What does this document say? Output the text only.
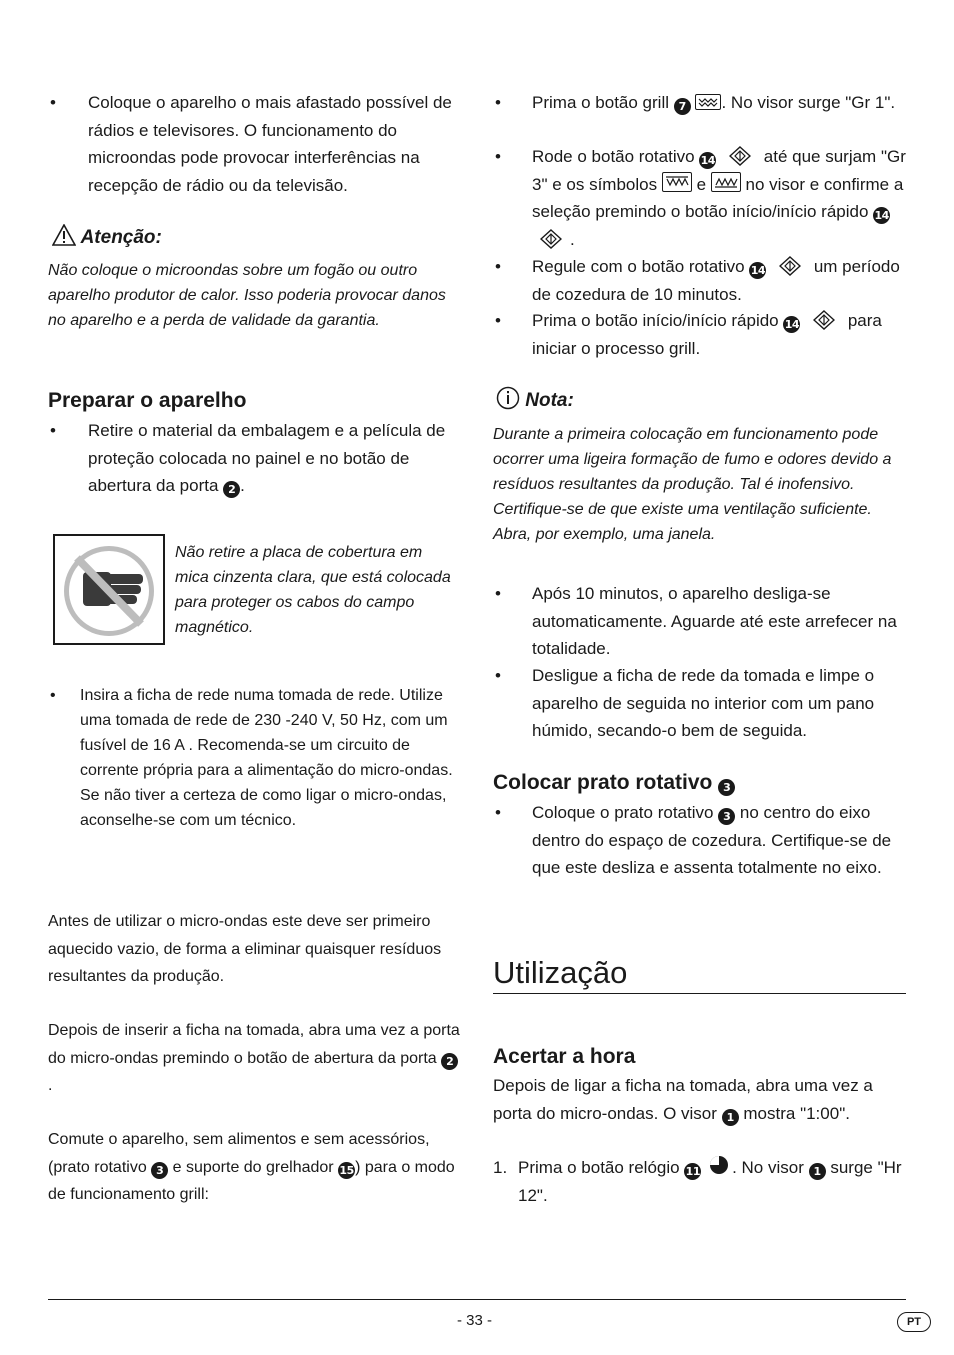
• Coloque o aparelho o mais afastado possível de rádios e televisores. O funcionamento do microondas pode provocar interferências na recepção de rádio ou da televisão.
Atenção:
Não coloque o microondas sobre um fogão ou outro aparelho produtor de calor. Isso poderia provocar danos no aparelho e a perda de validade da garantia.
Preparar o aparelho
• Retire o material da embalagem e a película de proteção colocada no painel e no botão de abertura da porta 2 .
Não retire a placa de cobertura em mica cinzenta clara, que está colocada para proteger os cabos do campo magnético.
• Insira a ficha de rede numa tomada de rede. Utilize uma tomada de rede de 230 -240 V, 50 Hz, com um fusível de 16 A . Recomenda-se um circuito de corrente própria para a alimentação do micro-ondas. Se não tiver a certeza de como ligar o micro-ondas, aconselhe-se com um técnico.
Antes de utilizar o micro-ondas este deve ser primeiro aquecido vazio, de forma a eliminar quaisquer resíduos resultantes da produção.
Depois de inserir a ficha na tomada, abra uma vez a porta do micro-ondas premindo o botão de abertura da porta 2.
Comute o aparelho, sem alimentos e sem acessórios, (prato rotativo 3 e suporte do grelhador 15) para o modo de funcionamento grill:
• Prima o botão grill 7 . No visor surge "Gr 1".
• Rode o botão rotativo 14	até que surjam "Gr 3" e os símbolos e no visor e confirme a seleção premindo o botão início/início rápido 14 .
• Regule com o botão rotativo 14	um período de cozedura de 10 minutos.
• Prima o botão início/início rápido 14	para iniciar o processo grill.
Nota:
Durante a primeira colocação em funcionamento pode ocorrer uma ligeira formação de fumo e odores devido a resíduos resultantes da produção. Tal é inofensivo. Certifique-se de que existe uma ventilação suficiente. Abra, por exemplo, uma janela.
• Após 10 minutos, o aparelho desliga-se automaticamente. Aguarde até este arrefecer na totalidade.
• Desligue a ficha de rede da tomada e limpe o aparelho de seguida no interior com um pano húmido, secando-o bem de seguida.
Colocar prato rotativo 3
• Coloque o prato rotativo 3 no centro do eixo dentro do espaço de cozedura. Certifique-se de que este desliza e assenta totalmente no eixo.
Utilização
Acertar a hora
Depois de ligar a ficha na tomada, abra uma vez a porta do micro-ondas. O visor 1 mostra "1:00".
1. Prima o botão relógio 11 . No visor 1 surge "Hr 12".
- 33 -	PT
